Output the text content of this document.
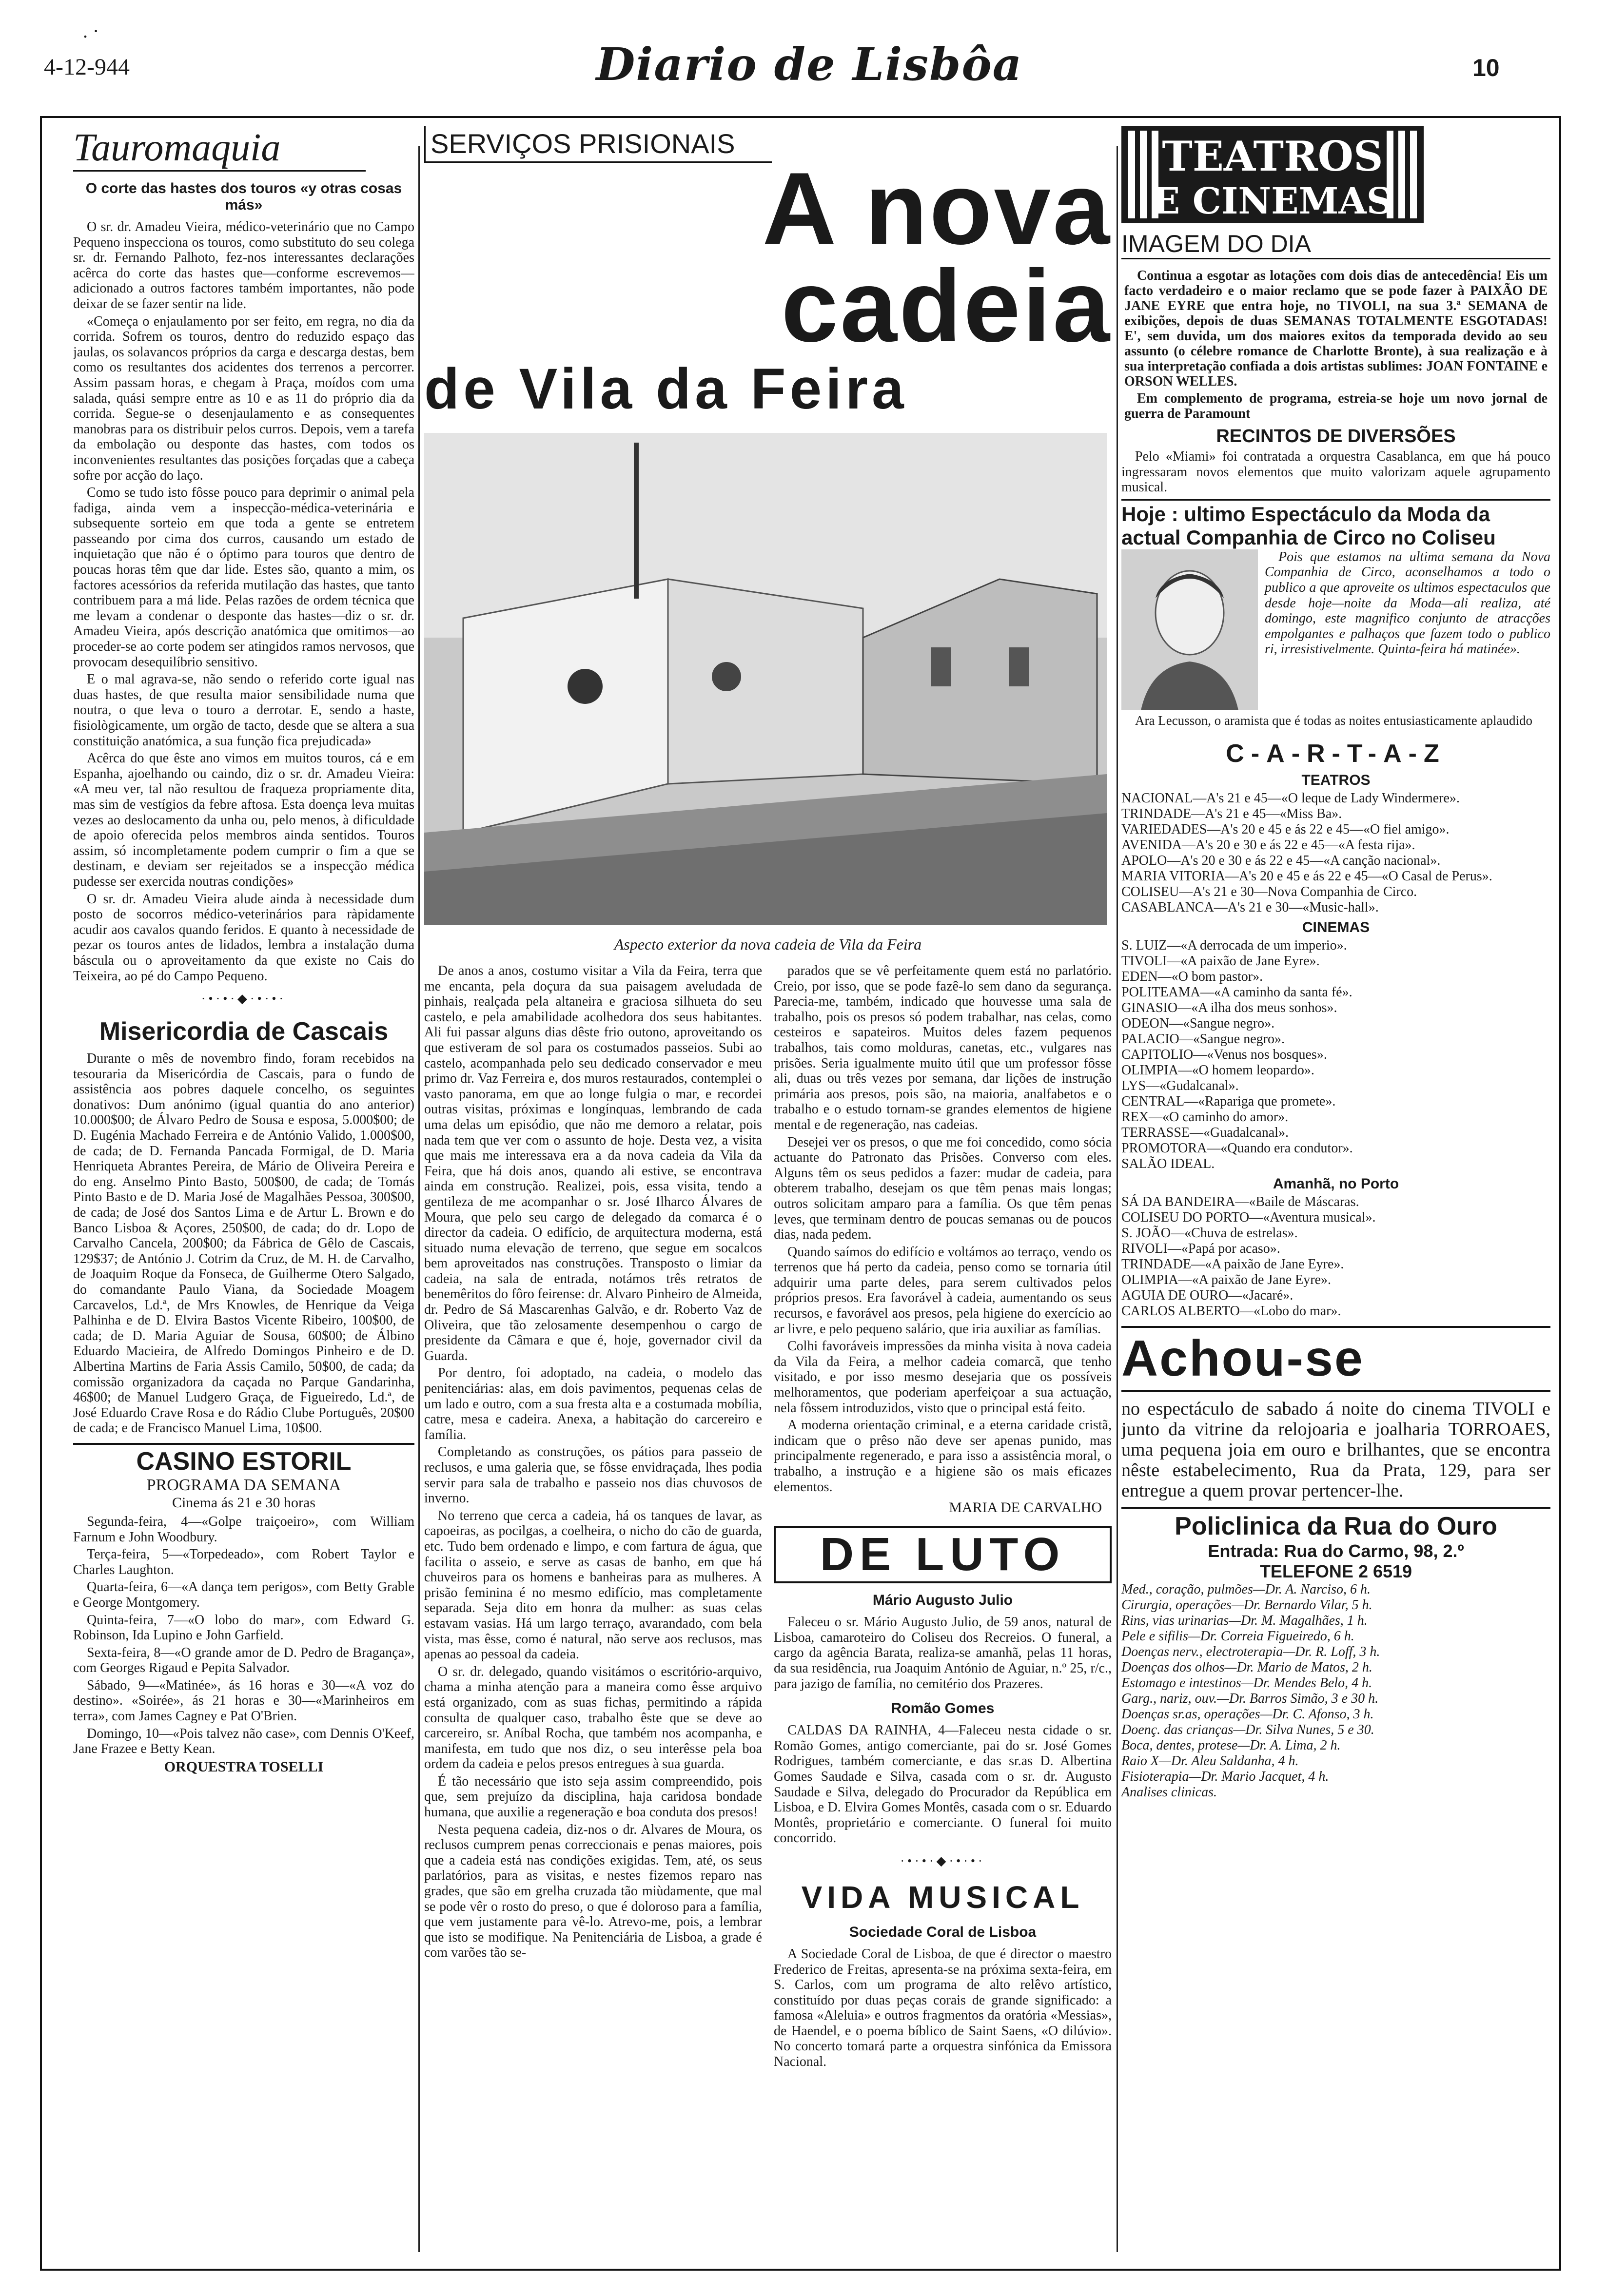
. ·
4-12-944	Diario de Lisbôa	10
Tauromaquia
O corte das hastes dos touros «y otras cosas más»

O sr. dr. Amadeu Vieira, médico-veterinário que no Campo Pequeno inspecciona os touros, como substituto do seu colega sr. dr. Fernando Palhoto, fez-nos interessantes declarações acêrca do corte das hastes que—conforme escrevemos—adicionado a outros factores também importantes, não pode deixar de se fazer sentir na lide.

«Começa o enjaulamento por ser feito, em regra, no dia da corrida. Sofrem os touros, dentro do reduzido espaço das jaulas, os solavancos próprios da carga e descarga destas, bem como os resultantes dos acidentes dos terrenos a percorrer. Assim passam horas, e chegam à Praça, moídos com uma salada, quási sempre entre as 10 e as 11 do próprio dia da corrida. Segue-se o desenjaulamento e as consequentes manobras para os distribuir pelos curros. Depois, vem a tarefa da embolação ou desponte das hastes, com todos os inconvenientes resultantes das posições forçadas que a cabeça sofre por acção do laço.

Como se tudo isto fôsse pouco para deprimir o animal pela fadiga, ainda vem a inspecção-médica-veterinária e subsequente sorteio em que toda a gente se entretem passeando por cima dos curros, causando um estado de inquietação que não é o óptimo para touros que dentro de poucas horas têm que dar lide. Estes são, quanto a mim, os factores acessórios da referida mutilação das hastes, que tanto contribuem para a má lide. Pelas razões de ordem técnica que me levam a condenar o desponte das hastes—diz o sr. dr. Amadeu Vieira, após descrição anatómica que omitimos—ao proceder-se ao corte podem ser atingidos ramos nervosos, que provocam desequilíbrio sensitivo.

E o mal agrava-se, não sendo o referido corte igual nas duas hastes, de que resulta maior sensibilidade numa que noutra, o que leva o touro a derrotar. E, sendo a haste, fisiològicamente, um orgão de tacto, desde que se altera a sua constituição anatómica, a sua função fica prejudicada»

Acêrca do que êste ano vimos em muitos touros, cá e em Espanha, ajoelhando ou caindo, diz o sr. dr. Amadeu Vieira: «A meu ver, tal não resultou de fraqueza propriamente dita, mas sim de vestígios da febre aftosa. Esta doença leva muitas vezes ao deslocamento da unha ou, pelo menos, à dificuldade de apoio oferecida pelos membros ainda sentidos. Touros assim, só incompletamente podem cumprir o fim a que se destinam, e deviam ser rejeitados se a inspecção médica pudesse ser exercida noutras condições»

O sr. dr. Amadeu Vieira alude ainda à necessidade dum posto de socorros médico-veterinários para ràpidamente acudir aos cavalos quando feridos. E quanto à necessidade de pezar os touros antes de lidados, lembra a instalação duma báscula ou o aproveitamento da que existe no Cais do Teixeira, ao pé do Campo Pequeno.

·•·•·◆·•·•·
Misericordia de Cascais

Durante o mês de novembro findo, foram recebidos na tesouraria da Misericórdia de Cascais, para o fundo de assistência aos pobres daquele concelho, os seguintes donativos: Dum anónimo (igual quantia do ano anterior) 10.000$00; de Álvaro Pedro de Sousa e esposa, 5.000$00; de D. Eugénia Machado Ferreira e de António Valido, 1.000$00, de cada; de D. Fernanda Pancada Formigal, de D. Maria Henriqueta Abrantes Pereira, de Mário de Oliveira Pereira e do eng. Anselmo Pinto Basto, 500$00, de cada; de Tomás Pinto Basto e de D. Maria José de Magalhães Pessoa, 300$00, de cada; de José dos Santos Lima e de Artur L. Brown e do Banco Lisboa & Açores, 250$00, de cada; do dr. Lopo de Carvalho Cancela, 200$00; da Fábrica de Gêlo de Cascais, 129$37; de António J. Cotrim da Cruz, de M. H. de Carvalho, de Joaquim Roque da Fonseca, de Guilherme Otero Salgado, do comandante Paulo Viana, da Sociedade Moagem Carcavelos, Ld.ª, de Mrs Knowles, de Henrique da Veiga Palhinha e de D. Elvira Bastos Vicente Ribeiro, 100$00, de cada; de D. Maria Aguiar de Sousa, 60$00; de Álbino Eduardo Macieira, de Alfredo Domingos Pinheiro e de D. Albertina Martins de Faria Assis Camilo, 50$00, de cada; da comissão organizadora da caçada no Parque Gandarinha, 46$00; de Manuel Ludgero Graça, de Figueiredo, Ld.ª, de José Eduardo Crave Rosa e do Rádio Clube Português, 20$00 de cada; e de Francisco Manuel Lima, 10$00.

CASINO ESTORIL
PROGRAMA DA SEMANA
Cinema ás 21 e 30 horas

Segunda-feira, 4—«Golpe traiçoeiro», com William Farnum e John Woodbury.

Terça-feira, 5—«Torpedeado», com Robert Taylor e Charles Laughton.

Quarta-feira, 6—«A dança tem perigos», com Betty Grable e George Montgomery.

Quinta-feira, 7—«O lobo do mar», com Edward G. Robinson, Ida Lupino e John Garfield.

Sexta-feira, 8—«O grande amor de D. Pedro de Bragança», com Georges Rigaud e Pepita Salvador.

Sábado, 9—«Matinée», ás 16 horas e 30—«A voz do destino». «Soirée», ás 21 horas e 30—«Marinheiros em terra», com James Cagney e Pat O'Brien.

Domingo, 10—«Pois talvez não case», com Dennis O'Keef, Jane Frazee e Betty Kean.

ORQUESTRA TOSELLI
SERVIÇOS PRISIONAIS
A nova cadeia
de Vila da Feira
Aspecto exterior da nova cadeia de Vila da Feira

De anos a anos, costumo visitar a Vila da Feira, terra que me encanta, pela doçura da sua paisagem aveludada de pinhais, realçada pela altaneira e graciosa silhueta do seu castelo, e pela amabilidade acolhedora dos seus habitantes. Ali fui passar alguns dias dêste frio outono, aproveitando os que estiveram de sol para os costumados passeios. Subi ao castelo, acompanhada pelo seu dedicado conservador e meu primo dr. Vaz Ferreira e, dos muros restaurados, contemplei o vasto panorama, em que ao longe fulgia o mar, e recordei outras visitas, próximas e longínquas, lembrando de cada uma delas um episódio, que não me demoro a relatar, pois nada tem que ver com o assunto de hoje. Desta vez, a visita que mais me interessava era a da nova cadeia da Vila da Feira, que há dois anos, quando ali estive, se encontrava ainda em construção. Realizei, pois, essa visita, tendo a gentileza de me acompanhar o sr. José Ilharco Álvares de Moura, que pelo seu cargo de delegado da comarca é o director da cadeia. O edifício, de arquitectura moderna, está situado numa elevação de terreno, que segue em socalcos bem aproveitados nas construções. Transposto o limiar da cadeia, na sala de entrada, notámos três retratos de benemêritos do fôro feirense: dr. Alvaro Pinheiro de Almeida, dr. Pedro de Sá Mascarenhas Galvão, e dr. Roberto Vaz de Oliveira, que tão zelosamente desempenhou o cargo de presidente da Câmara e que é, hoje, governador civil da Guarda.

Por dentro, foi adoptado, na cadeia, o modelo das penitenciárias: alas, em dois pavimentos, pequenas celas de um lado e outro, com a sua fresta alta e a costumada mobília, catre, mesa e cadeira. Anexa, a habitação do carcereiro e família.

Completando as construções, os pátios para passeio de reclusos, e uma galeria que, se fôsse envidraçada, lhes podia servir para sala de trabalho e passeio nos dias chuvosos de inverno.

No terreno que cerca a cadeia, há os tanques de lavar, as capoeiras, as pocilgas, a coelheira, o nicho do cão de guarda, etc. Tudo bem ordenado e limpo, e com fartura de água, que facilita o asseio, e serve as casas de banho, em que há chuveiros para os homens e banheiras para as mulheres. A prisão feminina é no mesmo edifício, mas completamente separada. Seja dito em honra da mulher: as suas celas estavam vasias. Há um largo terraço, avarandado, com bela vista, mas êsse, como é natural, não serve aos reclusos, mas apenas ao pessoal da cadeia.

O sr. dr. delegado, quando visitámos o escritório-arquivo, chama a minha atenção para a maneira como êsse arquivo está organizado, com as suas fichas, permitindo a rápida consulta de qualquer caso, trabalho êste que se deve ao carcereiro, sr. Aníbal Rocha, que também nos acompanha, e manifesta, em tudo que nos diz, o seu interêsse pela boa ordem da cadeia e pelos presos entregues à sua guarda.

É tão necessário que isto seja assim compreendido, pois que, sem prejuízo da disciplina, haja caridosa bondade humana, que auxilie a regeneração e boa conduta dos presos!

Nesta pequena cadeia, diz-nos o dr. Alvares de Moura, os reclusos cumprem penas correccionais e penas maiores, pois que a cadeia está nas condições exigidas. Tem, até, os seus parlatórios, para as visitas, e nestes fizemos reparo nas grades, que são em grelha cruzada tão miùdamente, que mal se pode vêr o rosto do preso, o que é doloroso para a família, que vem justamente para vê-lo. Atrevo-me, pois, a lembrar que isto se modifique. Na Penitenciária de Lisboa, a grade é com varões tão se-

parados que se vê perfeitamente quem está no parlatório. Creio, por isso, que se pode fazê-lo sem dano da segurança. Parecia-me, também, indicado que houvesse uma sala de trabalho, pois os presos só podem trabalhar, nas celas, como cesteiros e sapateiros. Muitos deles fazem pequenos trabalhos, tais como molduras, canetas, etc., vulgares nas prisões. Seria igualmente muito útil que um professor fôsse ali, duas ou três vezes por semana, dar lições de instrução primária aos presos, pois são, na maioria, analfabetos e o trabalho e o estudo tornam-se grandes elementos de higiene mental e de regeneração, nas cadeias.

Desejei ver os presos, o que me foi concedido, como sócia actuante do Patronato das Prisões. Converso com eles. Alguns têm os seus pedidos a fazer: mudar de cadeia, para obterem trabalho, desejam os que têm penas mais longas; outros solicitam amparo para a família. Os que têm penas leves, que terminam dentro de poucas semanas ou de poucos dias, nada pedem.

Quando saímos do edifício e voltámos ao terraço, vendo os terrenos que há perto da cadeia, penso como se tornaria útil adquirir uma parte deles, para serem cultivados pelos próprios presos. Era favorável à cadeia, aumentando os seus recursos, e favorável aos presos, pela higiene do exercício ao ar livre, e pelo pequeno salário, que iria auxiliar as famílias.

Colhi favoráveis impressões da minha visita à nova cadeia da Vila da Feira, a melhor cadeia comarcã, que tenho visitado, e por isso mesmo desejaria que os possíveis melhoramentos, que poderiam aperfeiçoar a sua actuação, nela fôssem introduzidos, visto que o principal está feito.

A moderna orientação criminal, e a eterna caridade cristã, indicam que o prêso não deve ser apenas punido, mas principalmente regenerado, e para isso a assistência moral, o trabalho, a instrução e a higiene são os mais eficazes elementos.

MARIA DE CARVALHO
DE LUTO
Mário Augusto Julio

Faleceu o sr. Mário Augusto Julio, de 59 anos, natural de Lisboa, camaroteiro do Coliseu dos Recreios. O funeral, a cargo da agência Barata, realiza-se amanhã, pelas 11 horas, da sua residência, rua Joaquim António de Aguiar, n.º 25, r/c., para jazigo de família, no cemitério dos Prazeres.

Romão Gomes

CALDAS DA RAINHA, 4—Faleceu nesta cidade o sr. Romão Gomes, antigo comerciante, pai do sr. José Gomes Rodrigues, também comerciante, e das sr.as D. Albertina Gomes Saudade e Silva, casada com o sr. dr. Augusto Saudade e Silva, delegado do Procurador da República em Lisboa, e D. Elvira Gomes Montês, casada com o sr. Eduardo Montês, proprietário e comerciante. O funeral foi muito concorrido.

·•·•·◆·•·•·
VIDA MUSICAL
Sociedade Coral de Lisboa

A Sociedade Coral de Lisboa, de que é director o maestro Frederico de Freitas, apresenta-se na próxima sexta-feira, em S. Carlos, com um programa de alto relêvo artístico, constituído por duas peças corais de grande significado: a famosa «Aleluia» e outros fragmentos da oratória «Messias», de Haendel, e o poema bíblico de Saint Saens, «O dilúvio». No concerto tomará parte a orquestra sinfónica da Emissora Nacional.

TEATROS
E CINEMAS
IMAGEM DO DIA

Continua a esgotar as lotações com dois dias de antecedência! Eis um facto verdadeiro e o maior reclamo que se pode fazer à PAIXÃO DE JANE EYRE que entra hoje, no TIVOLI, na sua 3.ª SEMANA de exibições, depois de duas SEMANAS TOTALMENTE ESGOTADAS! E', sem duvida, um dos maiores exitos da temporada devido ao seu assunto (o célebre romance de Charlotte Bronte), à sua realização e à sua interpretação confiada a dois artistas sublimes: JOAN FONTAINE e ORSON WELLES.

Em complemento de programa, estreia-se hoje um novo jornal de guerra de Paramount

RECINTOS DE DIVERSÕES

Pelo «Miami» foi contratada a orquestra Casablanca, em que há pouco ingressaram novos elementos que muito valorizam aquele agrupamento musical.

Hoje : ultimo Espectáculo da Moda da actual Companhia de Circo no Coliseu

Pois que estamos na ultima semana da Nova Companhia de Circo, aconselhamos a todo o publico a que aproveite os ultimos espectaculos que desde hoje—noite da Moda—ali realiza, até domingo, este magnifico conjunto de atracções empolgantes e palhaços que fazem todo o publico ri, irresistivelmente. Quinta-feira há matinée».

Ara Lecusson, o aramista que é todas as noites entusiasticamente aplaudido

C-A-R-T-A-Z
TEATROS
NACIONAL—A's 21 e 45—«O leque de Lady Windermere».
TRINDADE—A's 21 e 45—«Miss Ba».
VARIEDADES—A's 20 e 45 e ás 22 e 45—«O fiel amigo».
AVENIDA—A's 20 e 30 e ás 22 e 45—«A festa rija».
APOLO—A's 20 e 30 e ás 22 e 45—«A canção nacional».
MARIA VITORIA—A's 20 e 45 e ás 22 e 45—«O Casal de Perus».
COLISEU—A's 21 e 30—Nova Companhia de Circo.
CASABLANCA—A's 21 e 30—«Music-hall».
CINEMAS
S. LUIZ—«A derrocada de um imperio».
TIVOLI—«A paixão de Jane Eyre».
EDEN—«O bom pastor».
POLITEAMA—«A caminho da santa fé».
GINASIO—«A ilha dos meus sonhos».
ODEON—«Sangue negro».
PALACIO—«Sangue negro».
CAPITOLIO—«Venus nos bosques».
OLIMPIA—«O homem leopardo».
LYS—«Gudalcanal».
CENTRAL—«Rapariga que promete».
REX—«O caminho do amor».
TERRASSE—«Guadalcanal».
PROMOTORA—«Quando era condutor».
SALÃO IDEAL.
Amanhã, no Porto
SÁ DA BANDEIRA—«Baile de Máscaras.
COLISEU DO PORTO—«Aventura musical».
S. JOÃO—«Chuva de estrelas».
RIVOLI—«Papá por acaso».
TRINDADE—«A paixão de Jane Eyre».
OLIMPIA—«A paixão de Jane Eyre».
AGUIA DE OURO—«Jacaré».
CARLOS ALBERTO—«Lobo do mar».
Achou-se
no espectáculo de sabado á noite do cinema TIVOLI e junto da vitrine da relojoaria e joalharia TORROAES, uma pequena joia em ouro e brilhantes, que se encontra nêste estabelecimento, Rua da Prata, 129, para ser entregue a quem provar pertencer-lhe.
Policlinica da Rua do Ouro
Entrada: Rua do Carmo, 98, 2.º
TELEFONE 2 6519
Med., coração, pulmões—Dr. A. Narciso, 6 h.
Cirurgia, operações—Dr. Bernardo Vilar, 5 h.
Rins, vias urinarias—Dr. M. Magalhães, 1 h.
Pele e sifilis—Dr. Correia Figueiredo, 6 h.
Doenças nerv., electroterapia—Dr. R. Loff, 3 h.
Doenças dos olhos—Dr. Mario de Matos, 2 h.
Estomago e intestinos—Dr. Mendes Belo, 4 h.
Garg., nariz, ouv.—Dr. Barros Simão, 3 e 30 h.
Doenças sr.as, operações—Dr. C. Afonso, 3 h.
Doenç. das crianças—Dr. Silva Nunes, 5 e 30.
Boca, dentes, protese—Dr. A. Lima, 2 h.
Raio X—Dr. Aleu Saldanha, 4 h.
Fisioterapia—Dr. Mario Jacquet, 4 h.
Analises clinicas.
